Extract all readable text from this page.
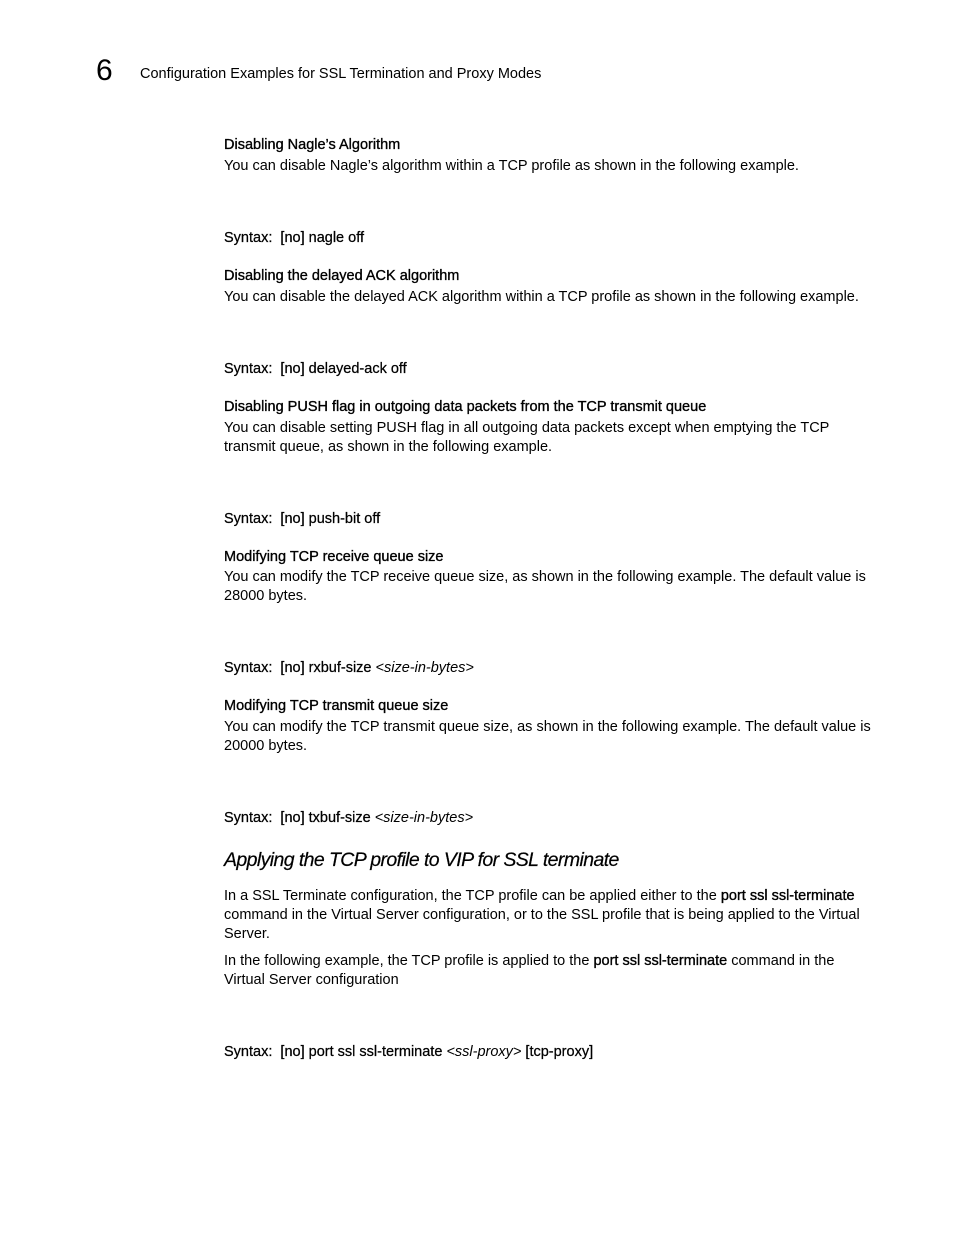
6 Configuration Examples for SSL Termination and Proxy Modes
Disabling Nagle’s Algorithm
You can disable Nagle’s algorithm within a TCP profile as shown in the following example.
Syntax: [no] nagle off
Disabling the delayed ACK algorithm
You can disable the delayed ACK algorithm within a TCP profile as shown in the following example.
Syntax: [no] delayed-ack off
Disabling PUSH flag in outgoing data packets from the TCP transmit queue
You can disable setting PUSH flag in all outgoing data packets except when emptying the TCP transmit queue, as shown in the following example.
Syntax: [no] push-bit off
Modifying TCP receive queue size
You can modify the TCP receive queue size, as shown in the following example. The default value is 28000 bytes.
Syntax: [no] rxbuf-size <size-in-bytes>
Modifying TCP transmit queue size
You can modify the TCP transmit queue size, as shown in the following example. The default value is 20000 bytes.
Syntax: [no] txbuf-size <size-in-bytes>
Applying the TCP profile to VIP for SSL terminate
In a SSL Terminate configuration, the TCP profile can be applied either to the port ssl ssl-terminate command in the Virtual Server configuration, or to the SSL profile that is being applied to the Virtual Server.
In the following example, the TCP profile is applied to the port ssl ssl-terminate command in the Virtual Server configuration
Syntax: [no] port ssl ssl-terminate <ssl-proxy> [tcp-proxy]
